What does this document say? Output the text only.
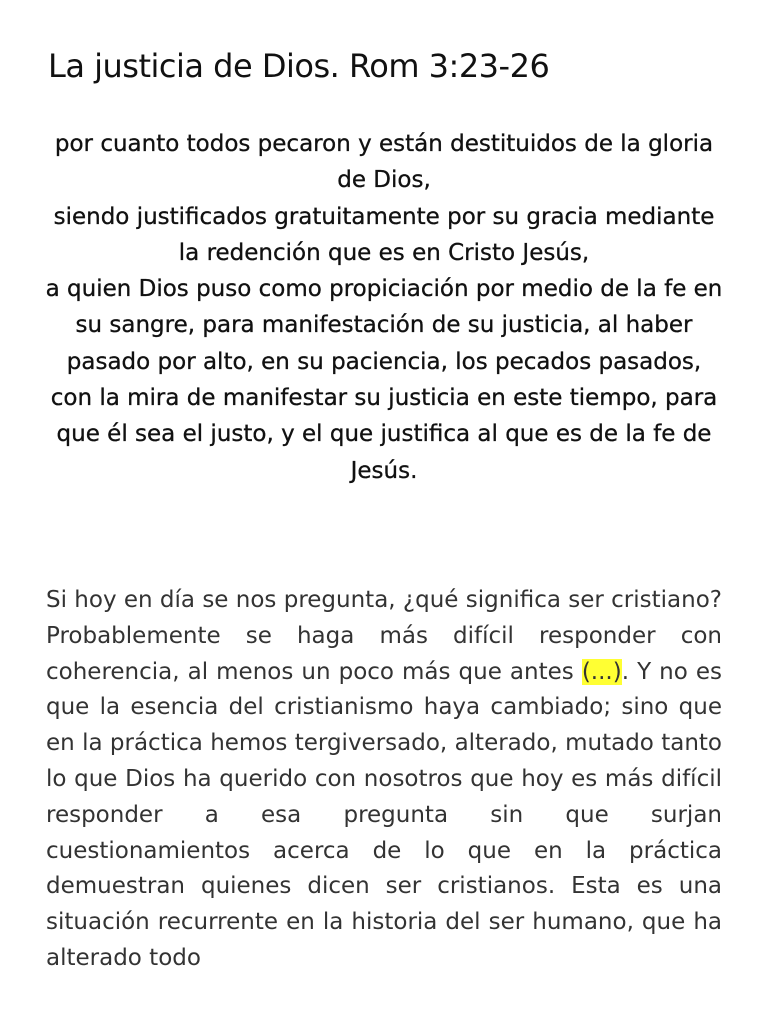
La justicia de Dios. Rom 3:23-26
por cuanto todos pecaron y están destituidos de la gloria de Dios,
siendo justificados gratuitamente por su gracia mediante la redención que es en Cristo Jesús,
a quien Dios puso como propiciación por medio de la fe en su sangre, para manifestación de su justicia, al haber pasado por alto, en su paciencia, los pecados pasados,
con la mira de manifestar su justicia en este tiempo, para que él sea el justo, y el que justifica al que es de la fe de Jesús.

Si hoy en día se nos pregunta, ¿qué significa ser cristiano? Probablemente se haga más difícil responder con coherencia, al menos un poco más que antes (...). Y no es que la esencia del cristianismo haya cambiado; sino que en la práctica hemos tergiversado, alterado, mutado tanto lo que Dios ha querido con nosotros que hoy es más difícil responder a esa pregunta sin que surjan cuestionamientos acerca de lo que en la práctica demuestran quienes dicen ser cristianos. Esta es una situación recurrente en la historia del ser humano, que ha alterado todo
